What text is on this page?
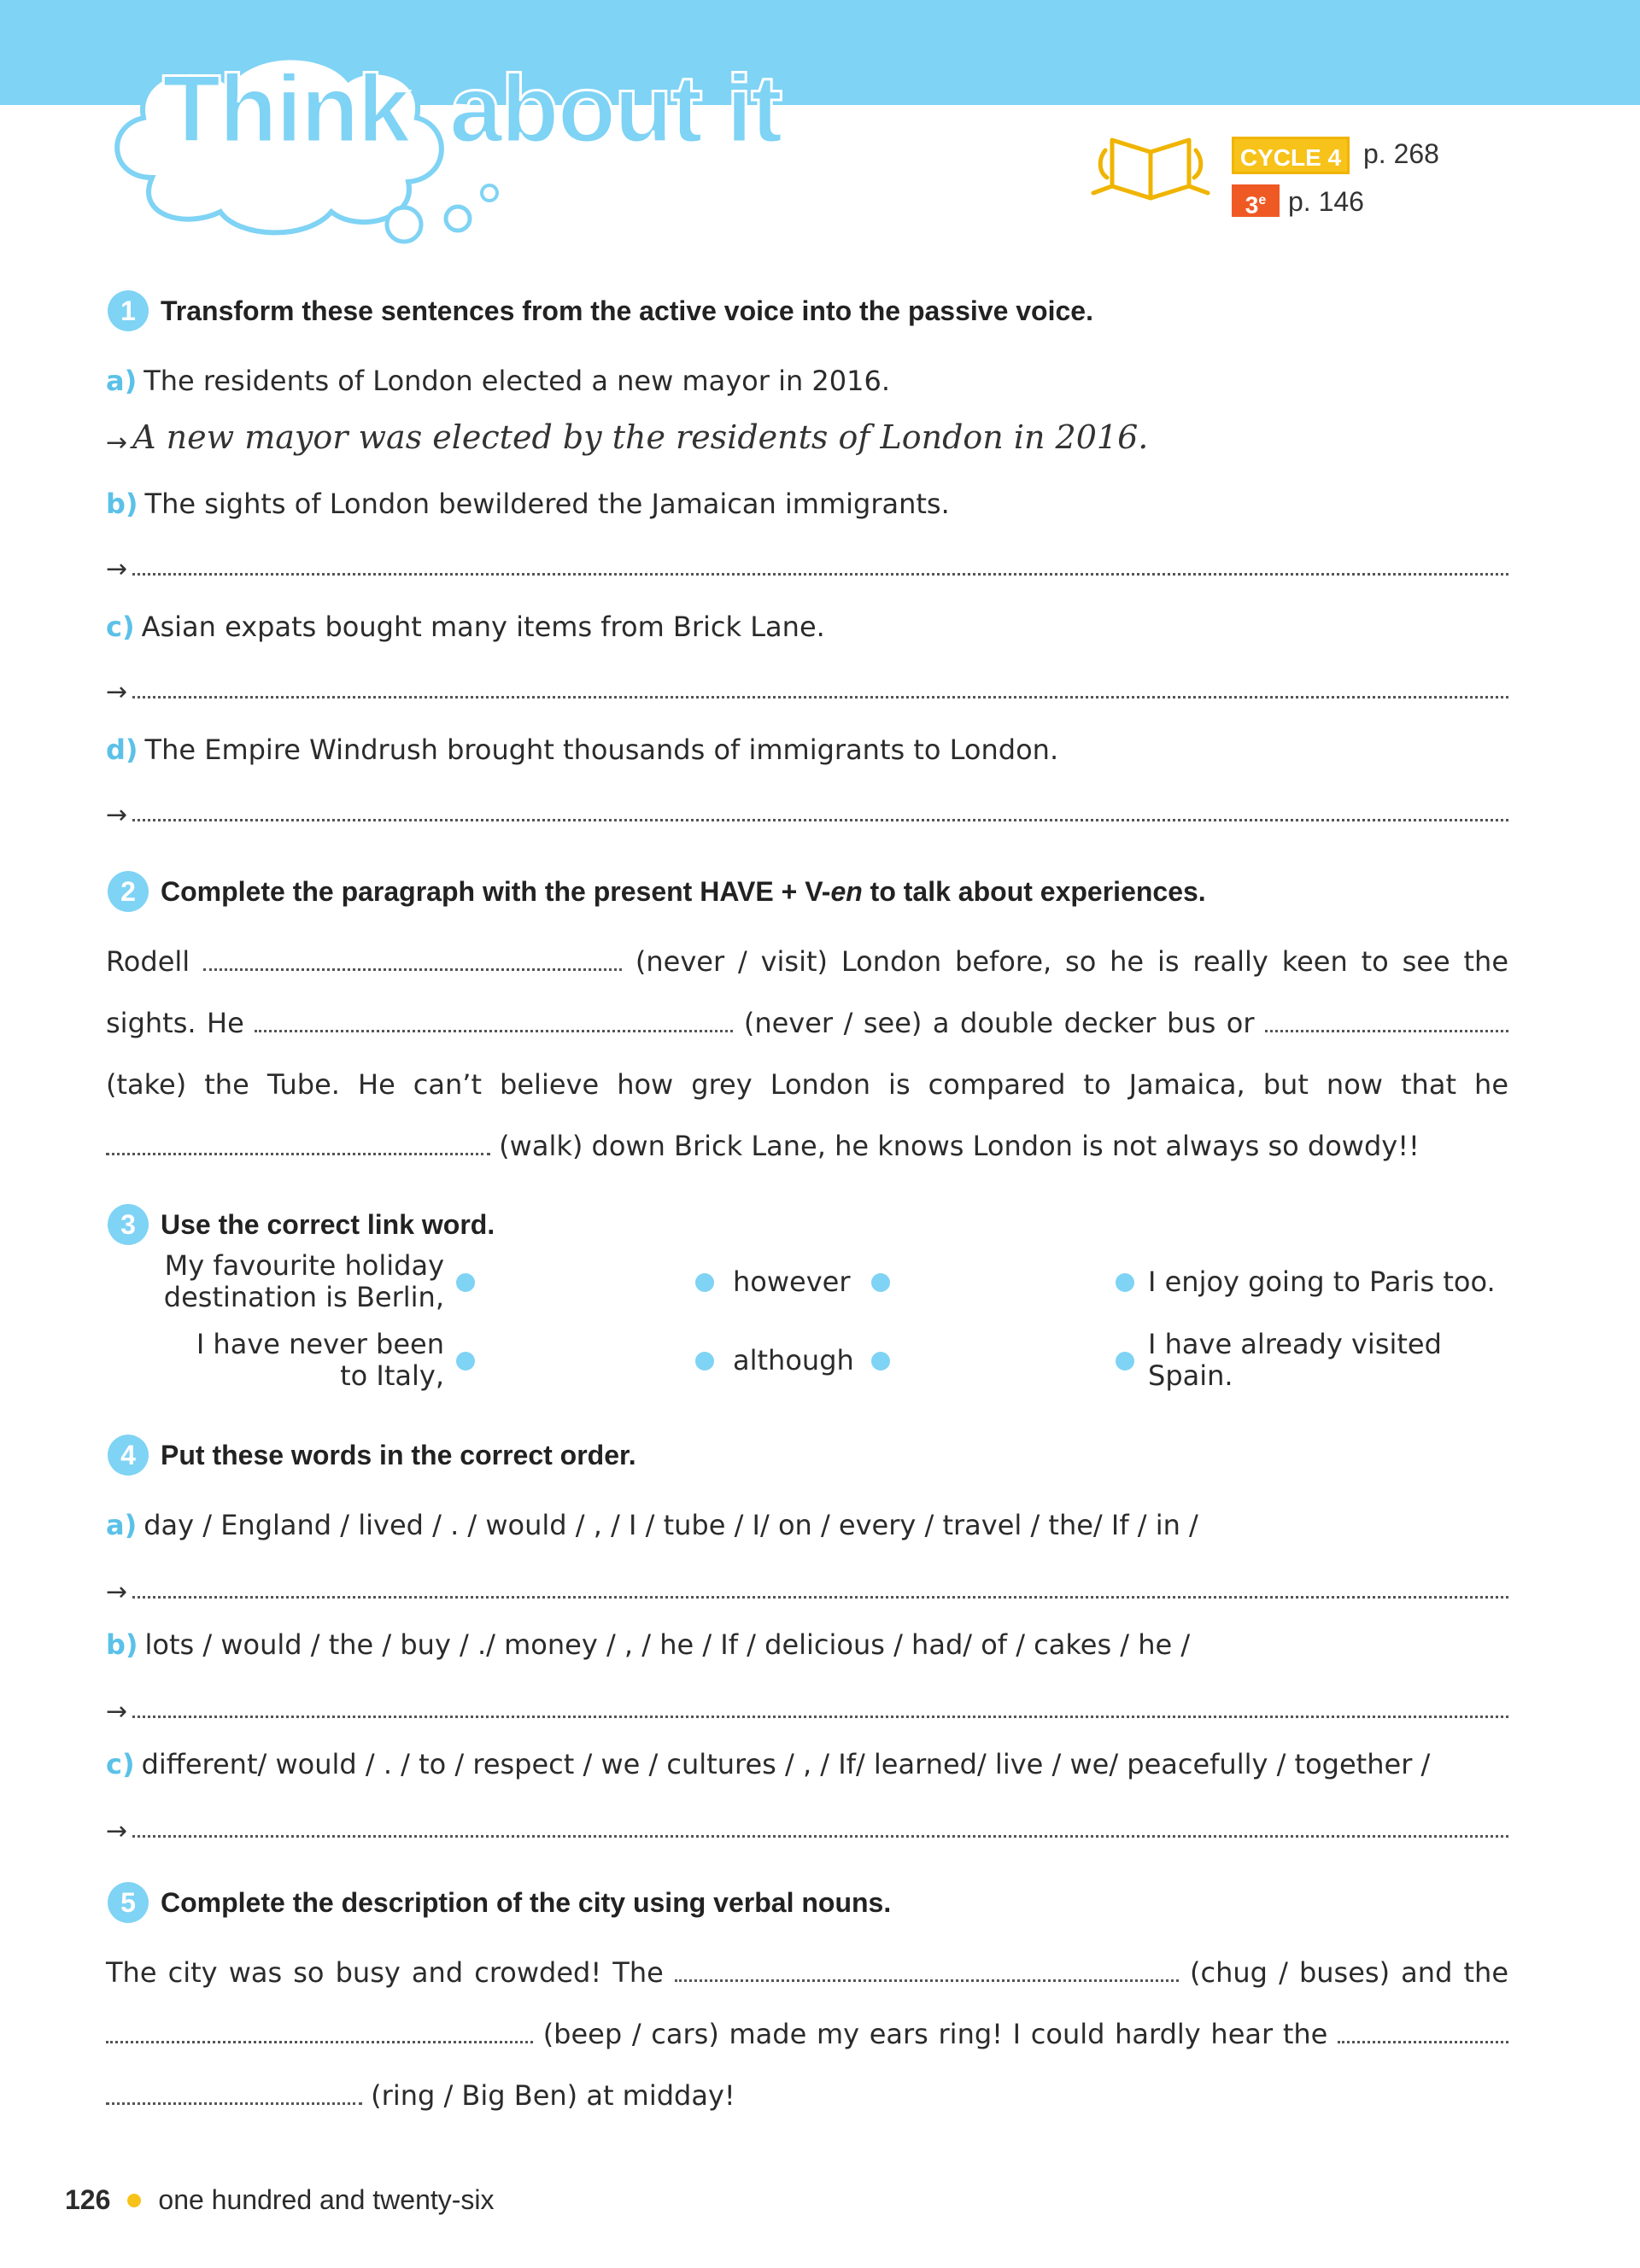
Think about it	CYCLE 4 p. 268
3e p. 146
1 Transform these sentences from the active voice into the passive voice.
a) The residents of London elected a new mayor in 2016.
→ A new mayor was elected by the residents of London in 2016.
b) The sights of London bewildered the Jamaican immigrants.
→
c) Asian expats bought many items from Brick Lane.
→
d) The Empire Windrush brought thousands of immigrants to London.
→
2 Complete the paragraph with the present HAVE + V-en to talk about experiences.
Rodell	(never / visit) London before, so he is really keen to see the sights. He	(never / see) a double decker bus or  (take) the Tube. He can’t believe how grey London is compared to Jamaica, but now that he  (walk) down Brick Lane, he knows London is not always so dowdy!!
3 Use the correct link word.
My favourite holiday
destination is Berlin,	however	I enjoy going to Paris too.
I have never been
to Italy,	although	I have already visited
Spain.
4 Put these words in the correct order.
a) day / England / lived / . / would / , / I / tube / I/ on / every / travel / the/ If / in /
→
b) lots / would / the / buy / ./ money / , / he / If / delicious / had/ of / cakes / he /
→
c) different/ would / . / to / respect / we / cultures / , / If/ learned/ live / we/ peacefully / together /
→
5 Complete the description of the city using verbal nouns.
The city was so busy and crowded! The	(chug / buses) and the  (beep / cars) made my ears ring! I could hardly hear the   (ring / Big Ben) at midday!
126 one hundred and twenty-six
